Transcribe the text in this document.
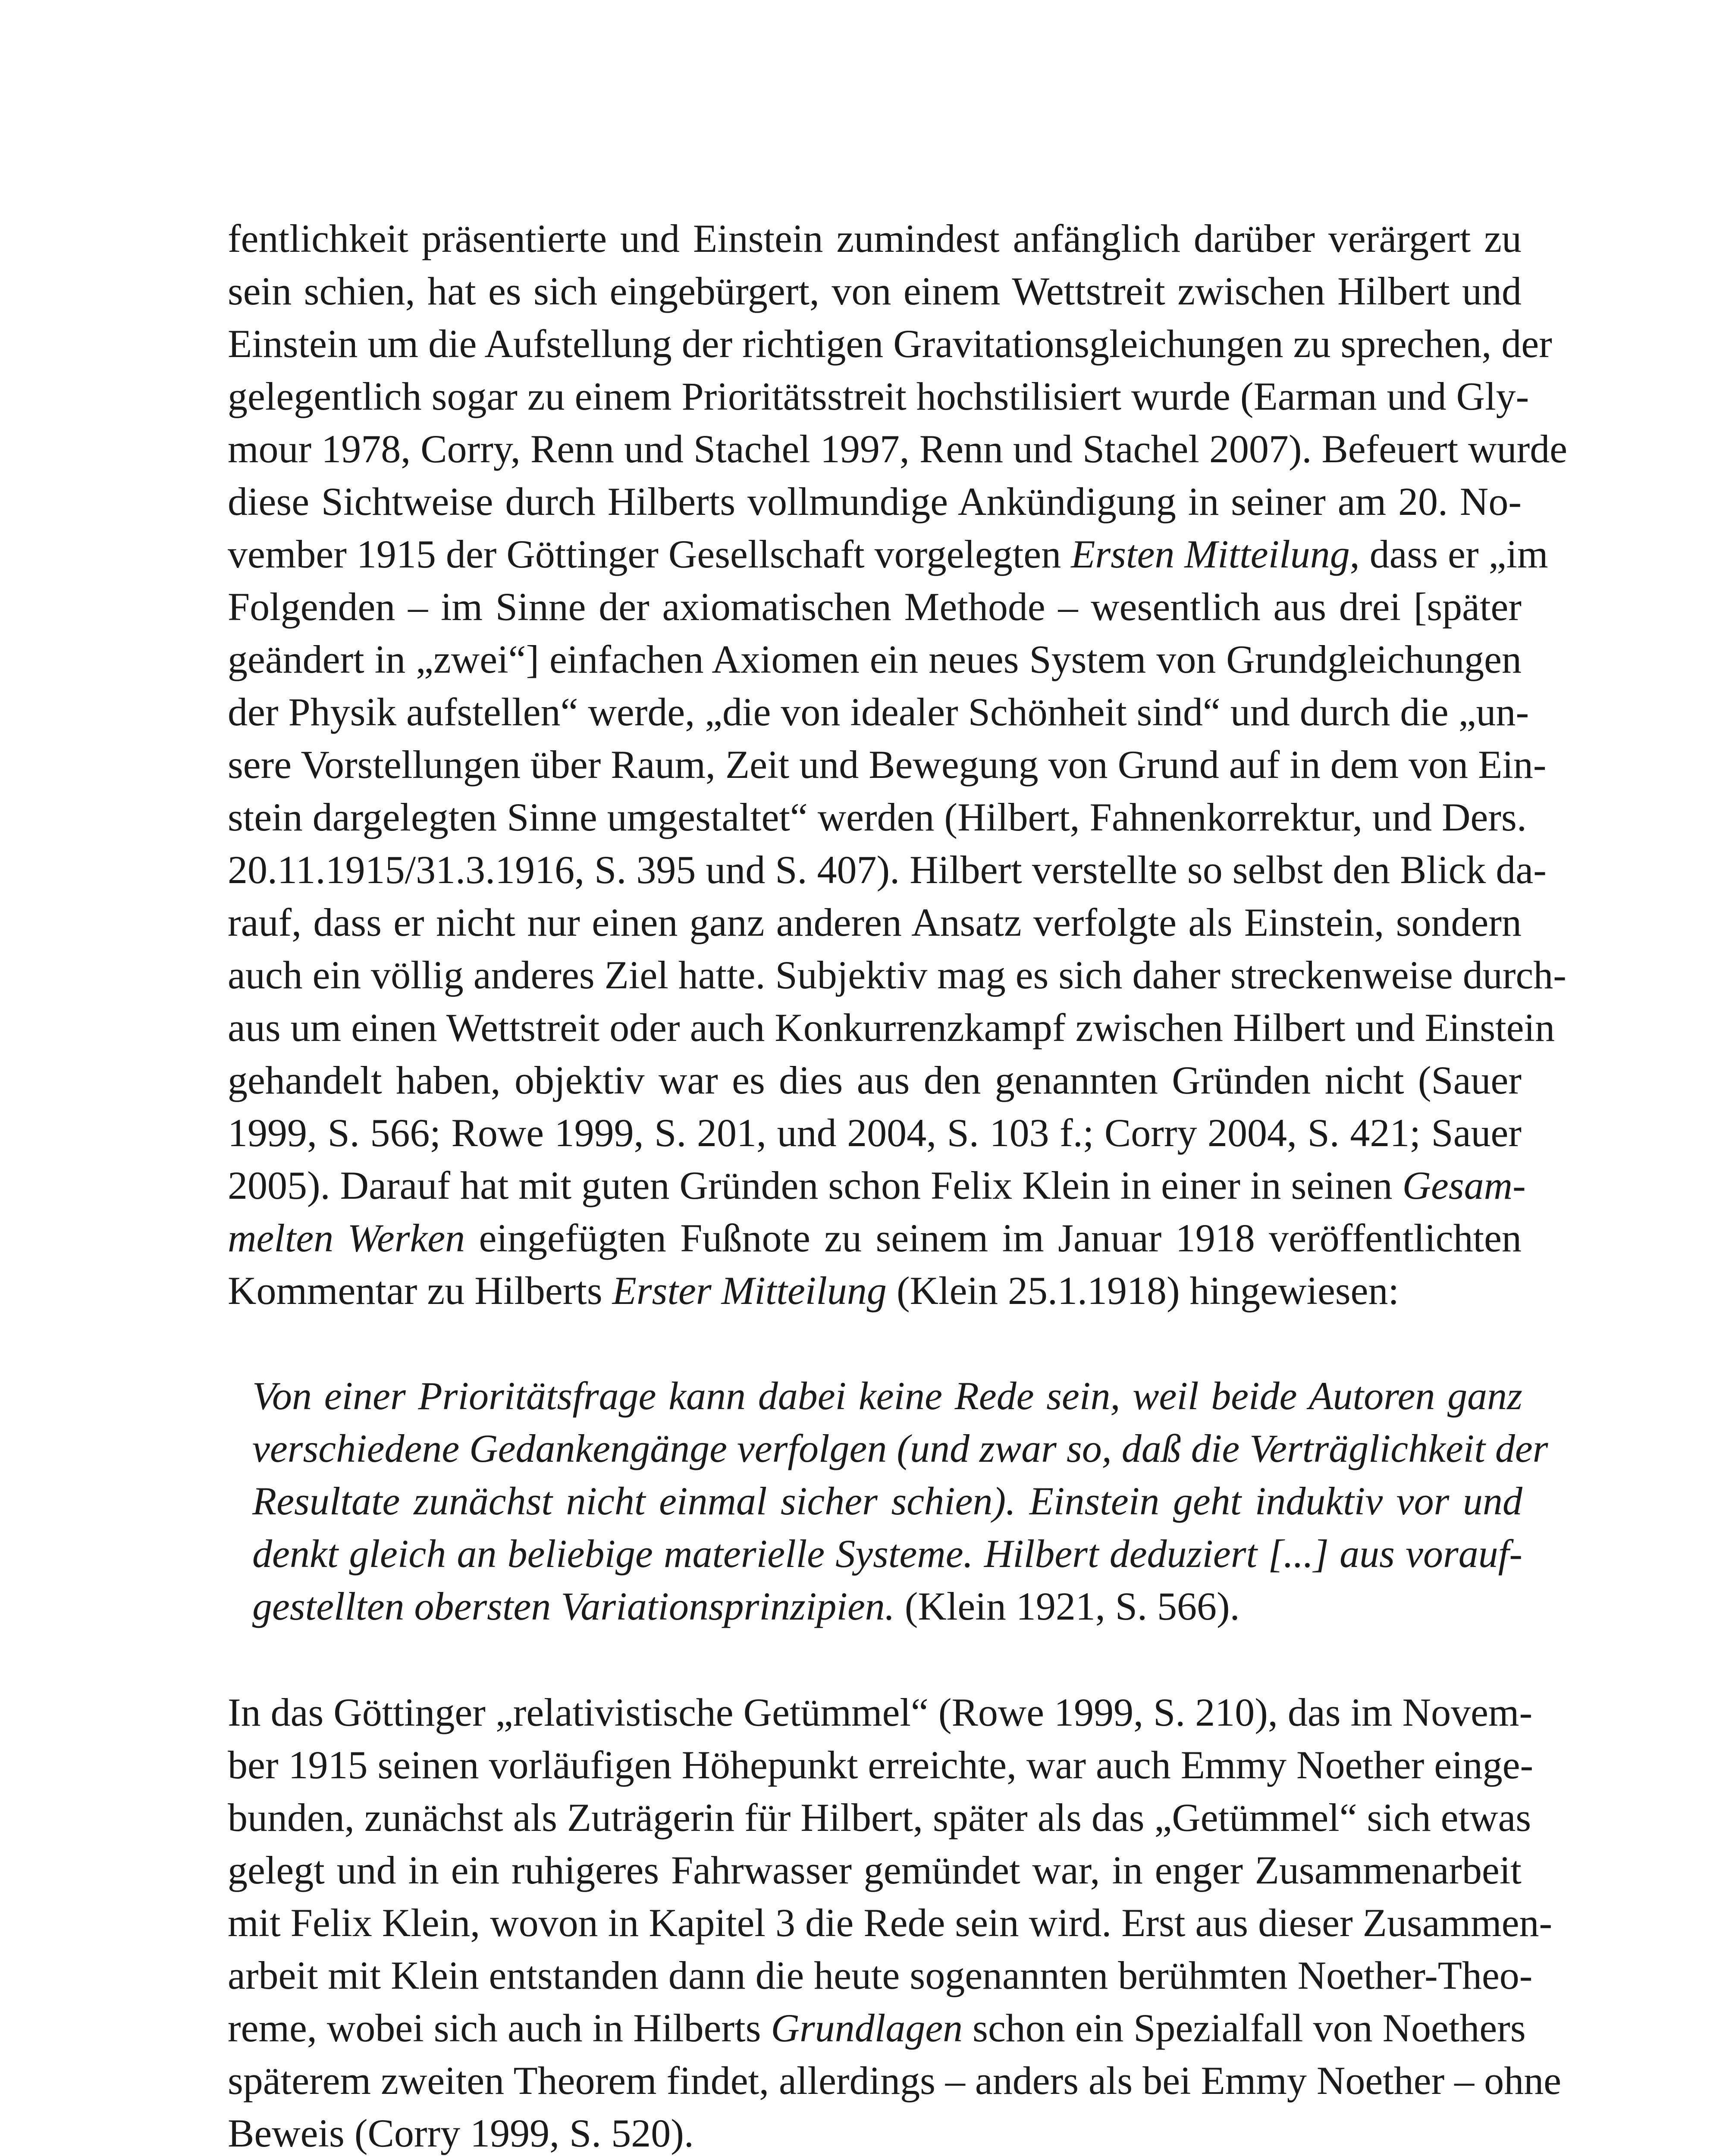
fentlichkeit präsentierte und Einstein zumindest anfänglich darüber verärgert zu
sein schien, hat es sich eingebürgert, von einem Wettstreit zwischen Hilbert und
Einstein um die Aufstellung der richtigen Gravitationsgleichungen zu sprechen, der
gelegentlich sogar zu einem Prioritätsstreit hochstilisiert wurde (Earman und Gly-
mour 1978, Corry, Renn und Stachel 1997, Renn und Stachel 2007). Befeuert wurde
diese Sichtweise durch Hilberts vollmundige Ankündigung in seiner am 20. No-
vember 1915 der Göttinger Gesellschaft vorgelegten Ersten Mitteilung, dass er „im
Folgenden – im Sinne der axiomatischen Methode – wesentlich aus drei [später
geändert in „zwei“] einfachen Axiomen ein neues System von Grundgleichungen
der Physik aufstellen“ werde, „die von idealer Schönheit sind“ und durch die „un-
sere Vorstellungen über Raum, Zeit und Bewegung von Grund auf in dem von Ein-
stein dargelegten Sinne umgestaltet“ werden (Hilbert, Fahnenkorrektur, und Ders.
20.11.1915/31.3.1916, S. 395 und S. 407). Hilbert verstellte so selbst den Blick da-
rauf, dass er nicht nur einen ganz anderen Ansatz verfolgte als Einstein, sondern
auch ein völlig anderes Ziel hatte. Subjektiv mag es sich daher streckenweise durch-
aus um einen Wettstreit oder auch Konkurrenzkampf zwischen Hilbert und Einstein
gehandelt haben, objektiv war es dies aus den genannten Gründen nicht (Sauer
1999, S. 566; Rowe 1999, S. 201, und 2004, S. 103 f.; Corry 2004, S. 421; Sauer
2005). Darauf hat mit guten Gründen schon Felix Klein in einer in seinen Gesam-
melten Werken eingefügten Fußnote zu seinem im Januar 1918 veröffentlichten
Kommentar zu Hilberts Erster Mitteilung (Klein 25.1.1918) hingewiesen:

Von einer Prioritätsfrage kann dabei keine Rede sein, weil beide Autoren ganz
verschiedene Gedankengänge verfolgen (und zwar so, daß die Verträglichkeit der
Resultate zunächst nicht einmal sicher schien). Einstein geht induktiv vor und
denkt gleich an beliebige materielle Systeme. Hilbert deduziert [...] aus vorauf-
gestellten obersten Variationsprinzipien. (Klein 1921, S. 566).

In das Göttinger „relativistische Getümmel“ (Rowe 1999, S. 210), das im Novem-
ber 1915 seinen vorläufigen Höhepunkt erreichte, war auch Emmy Noether einge-
bunden, zunächst als Zuträgerin für Hilbert, später als das „Getümmel“ sich etwas
gelegt und in ein ruhigeres Fahrwasser gemündet war, in enger Zusammenarbeit
mit Felix Klein, wovon in Kapitel 3 die Rede sein wird. Erst aus dieser Zusammen-
arbeit mit Klein entstanden dann die heute sogenannten berühmten Noether-Theo-
reme, wobei sich auch in Hilberts Grundlagen schon ein Spezialfall von Noethers
späterem zweiten Theorem findet, allerdings – anders als bei Emmy Noether – ohne
Beweis (Corry 1999, S. 520).
